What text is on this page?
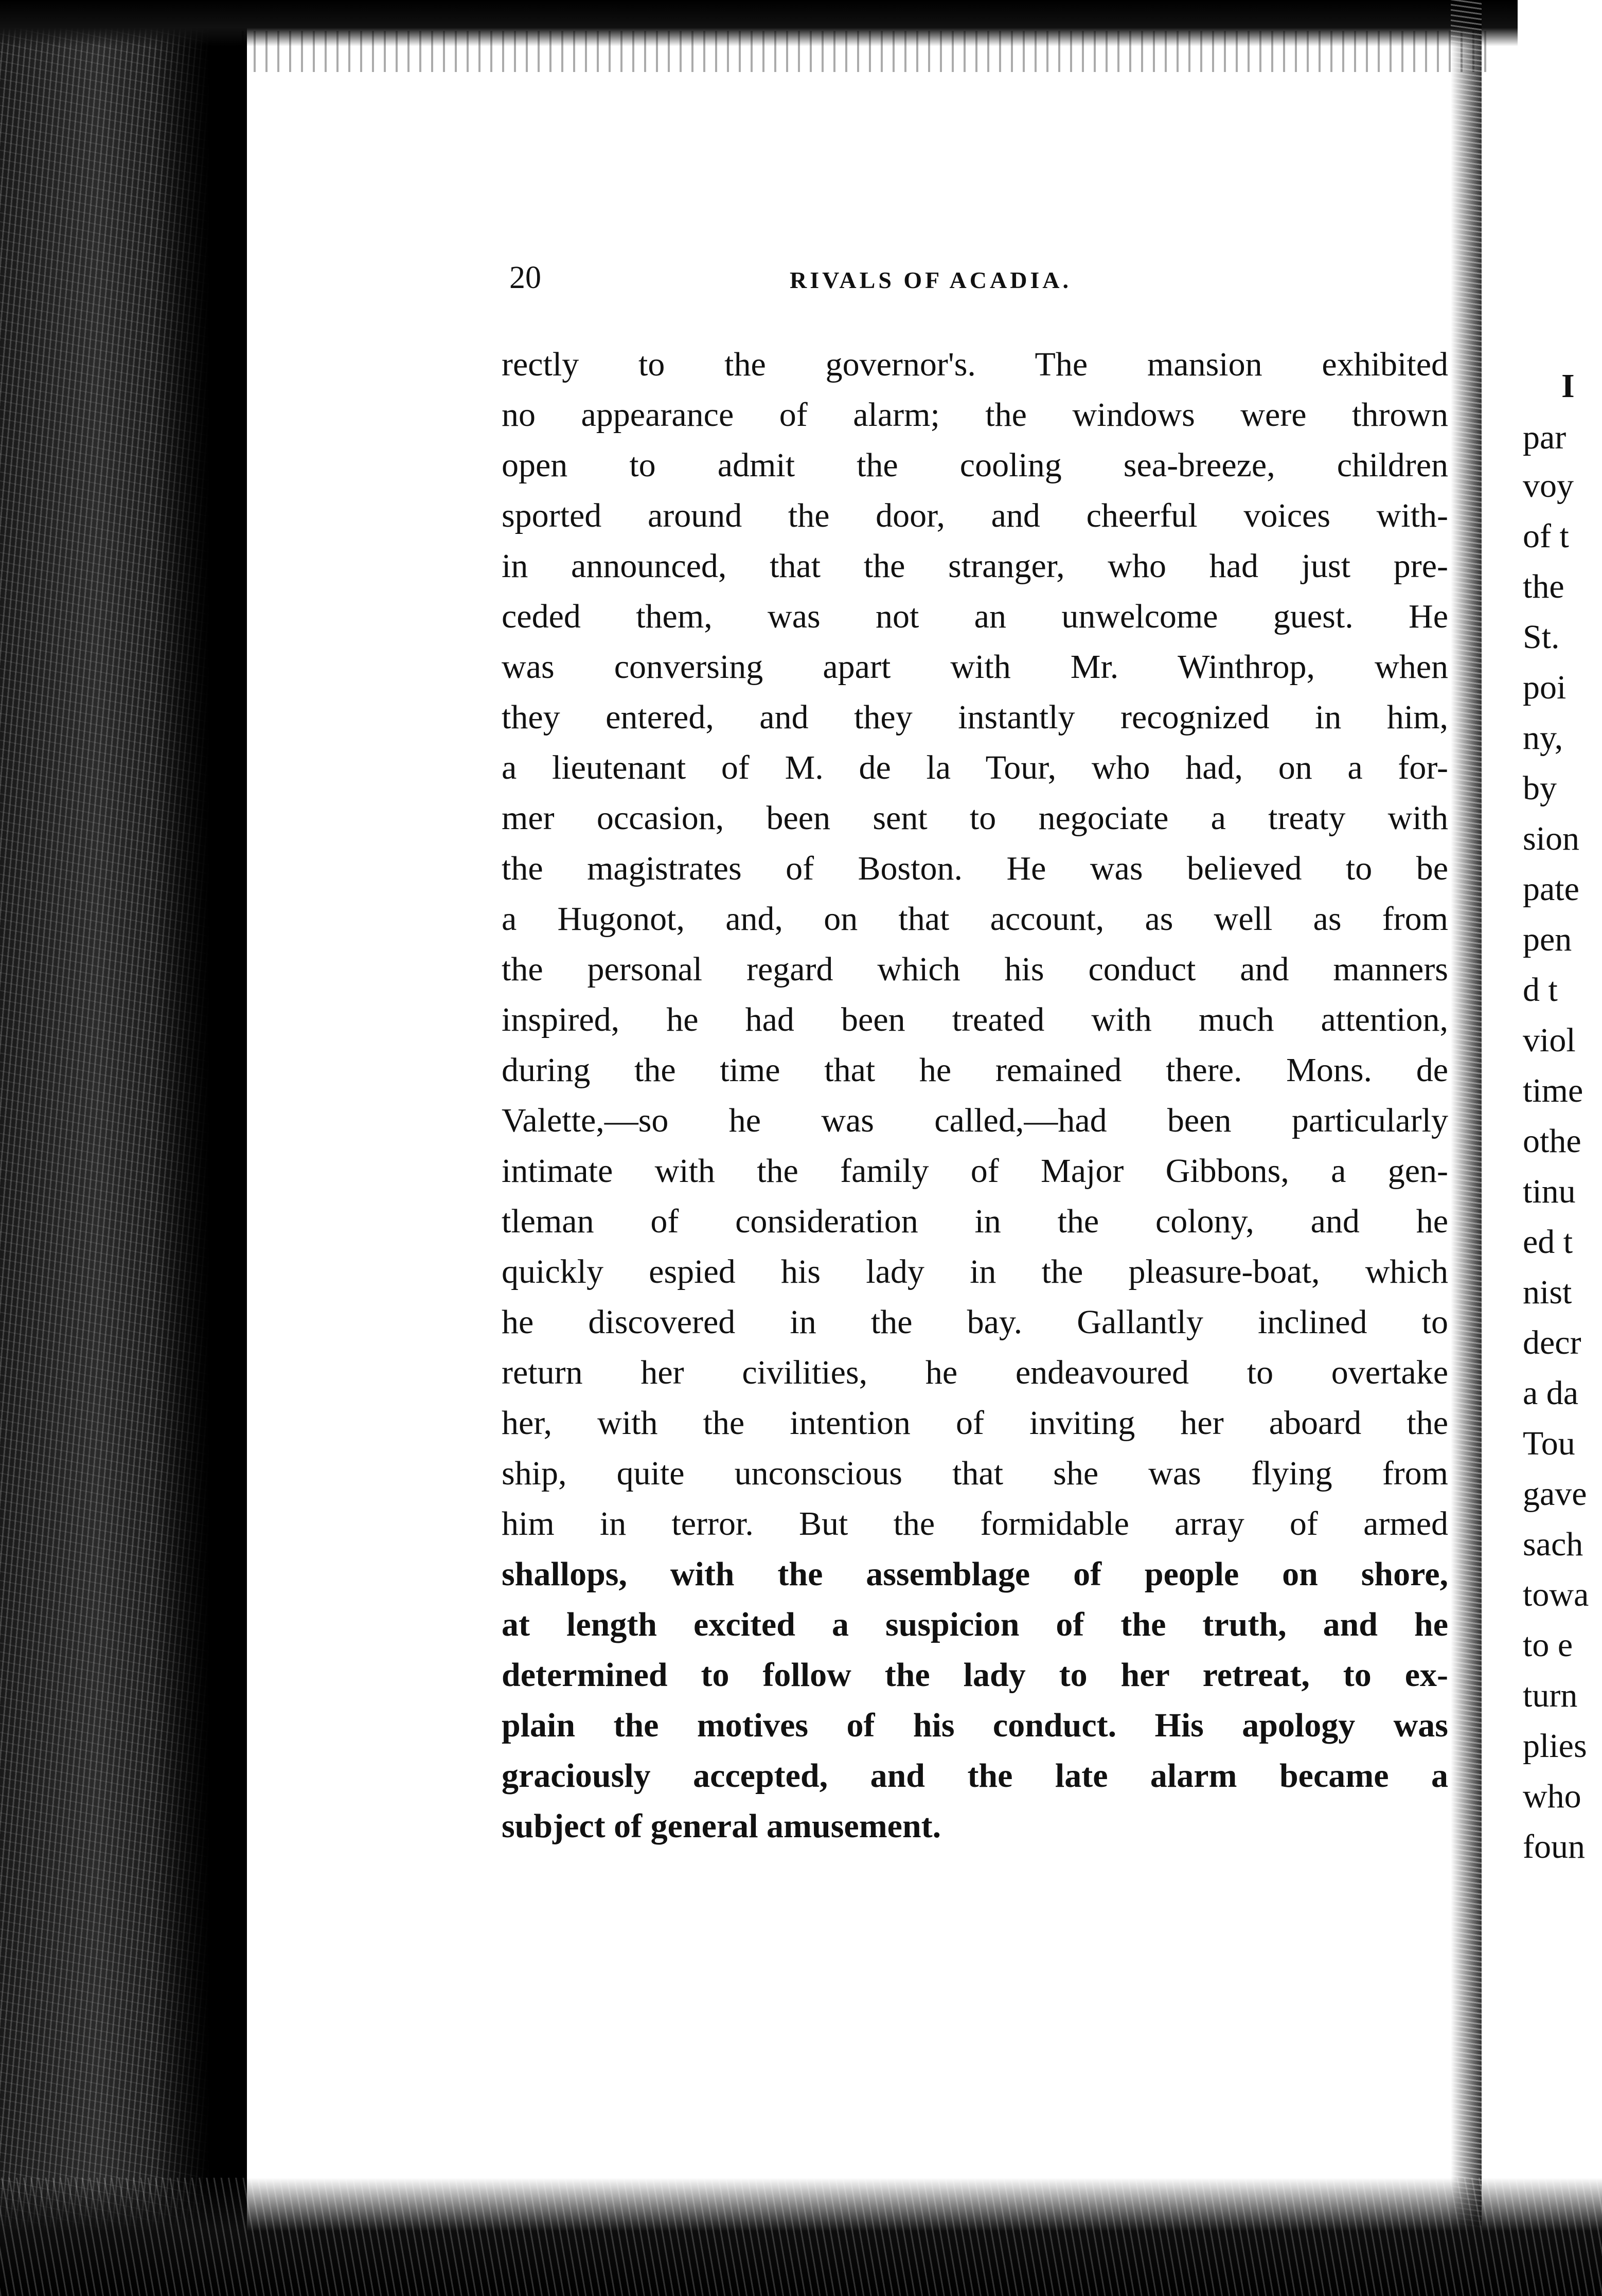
I
par
voy
of t
the
St.
poi
ny,
by
sion
pate
pen
d t
viol
time
othe
tinu
ed t
nist
decr
a da
Tou
gave
sach
towa
to e
turn
plies
who
foun
20	RIVALS OF ACADIA.
rectly to the governor's. The mansion exhibited
no appearance of alarm; the windows were thrown
open to admit the cooling sea-breeze, children
sported around the door, and cheerful voices with-
in announced, that the stranger, who had just pre-
ceded them, was not an unwelcome guest. He
was conversing apart with Mr. Winthrop, when
they entered, and they instantly recognized in him,
a lieutenant of M. de la Tour, who had, on a for-
mer occasion, been sent to negociate a treaty with
the magistrates of Boston. He was believed to be
a Hugonot, and, on that account, as well as from
the personal regard which his conduct and manners
inspired, he had been treated with much attention,
during the time that he remained there. Mons. de
Valette,—so he was called,—had been particularly
intimate with the family of Major Gibbons, a gen-
tleman of consideration in the colony, and he
quickly espied his lady in the pleasure-boat, which
he discovered in the bay. Gallantly inclined to
return her civilities, he endeavoured to overtake
her, with the intention of inviting her aboard the
ship, quite unconscious that she was flying from
him in terror. But the formidable array of armed
shallops, with the assemblage of people on shore,
at length excited a suspicion of the truth, and he
determined to follow the lady to her retreat, to ex-
plain the motives of his conduct. His apology was
graciously accepted, and the late alarm became a
subject of general amusement.
